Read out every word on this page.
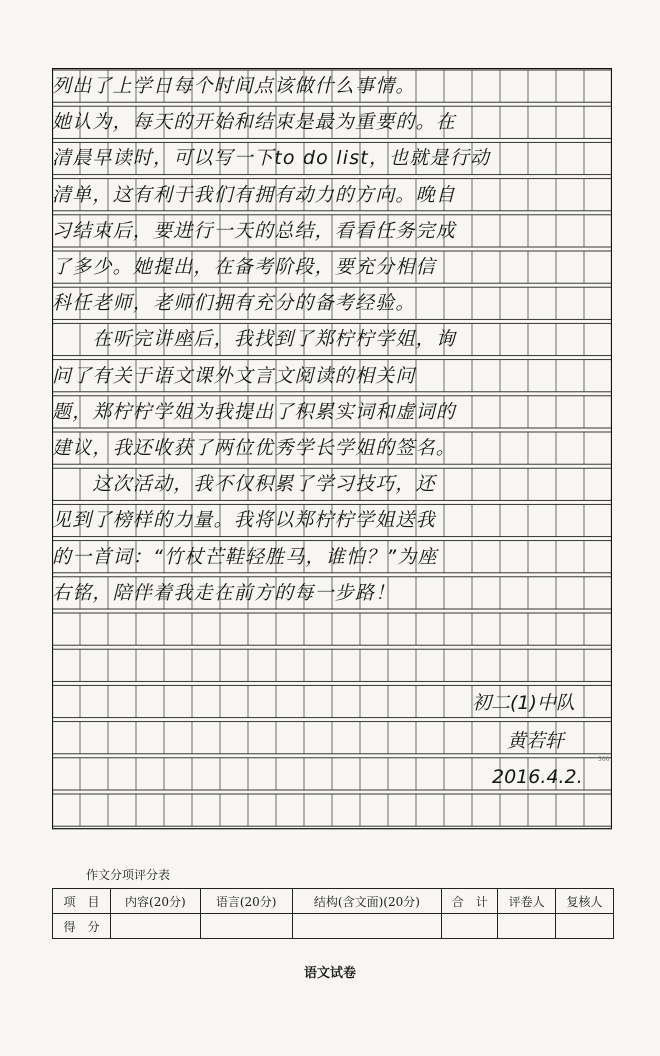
列出了上学日每个时间点该做什么事情。
她认为，每天的开始和结束是最为重要的。在
清晨早读时，可以写一下to do list，也就是行动
清单，这有利于我们有拥有动力的方向。晚自
习结束后，要进行一天的总结，看看任务完成
了多少。她提出，在备考阶段，要充分相信
科任老师，老师们拥有充分的备考经验。
　　在听完讲座后，我找到了郑柠柠学姐，询
问了有关于语文课外文言文阅读的相关问
题，郑柠柠学姐为我提出了积累实词和虚词的
建议，我还收获了两位优秀学长学姐的签名。
　　这次活动，我不仅积累了学习技巧，还
见到了榜样的力量。我将以郑柠柠学姐送我
的一首词：“竹杖芒鞋轻胜马，谁怕？”为座
右铭，陪伴着我走在前方的每一步路！
初二(1)中队
黄若轩
500
2016.4.2.
作文分项评分表
项　目	内容(20分)	语言(20分)	结构(含文面)(20分)	合　计	评卷人	复核人
得　分						
语文试卷
